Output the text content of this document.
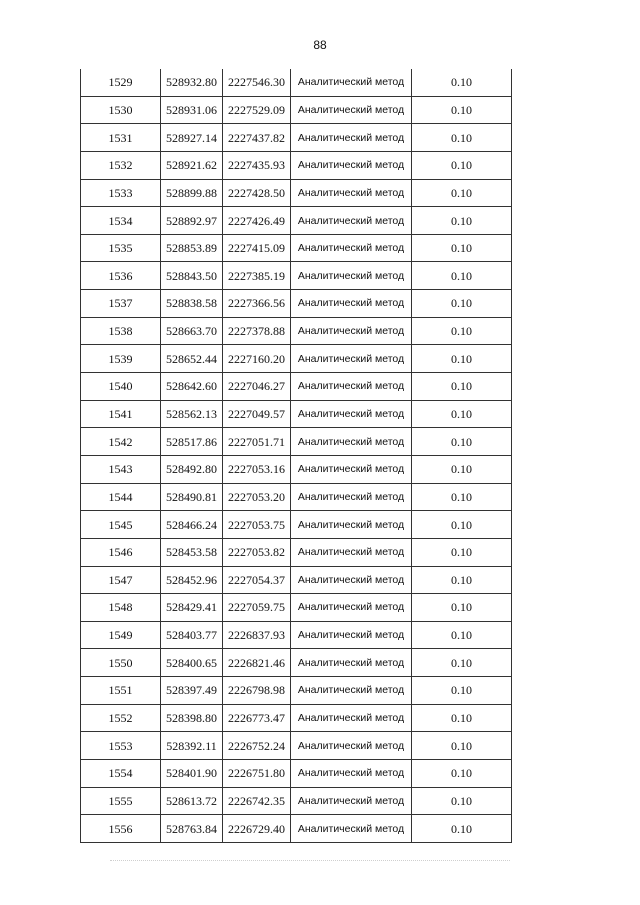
88
1529	528932.80	2227546.30	Аналитический метод	0.10
1530	528931.06	2227529.09	Аналитический метод	0.10
1531	528927.14	2227437.82	Аналитический метод	0.10
1532	528921.62	2227435.93	Аналитический метод	0.10
1533	528899.88	2227428.50	Аналитический метод	0.10
1534	528892.97	2227426.49	Аналитический метод	0.10
1535	528853.89	2227415.09	Аналитический метод	0.10
1536	528843.50	2227385.19	Аналитический метод	0.10
1537	528838.58	2227366.56	Аналитический метод	0.10
1538	528663.70	2227378.88	Аналитический метод	0.10
1539	528652.44	2227160.20	Аналитический метод	0.10
1540	528642.60	2227046.27	Аналитический метод	0.10
1541	528562.13	2227049.57	Аналитический метод	0.10
1542	528517.86	2227051.71	Аналитический метод	0.10
1543	528492.80	2227053.16	Аналитический метод	0.10
1544	528490.81	2227053.20	Аналитический метод	0.10
1545	528466.24	2227053.75	Аналитический метод	0.10
1546	528453.58	2227053.82	Аналитический метод	0.10
1547	528452.96	2227054.37	Аналитический метод	0.10
1548	528429.41	2227059.75	Аналитический метод	0.10
1549	528403.77	2226837.93	Аналитический метод	0.10
1550	528400.65	2226821.46	Аналитический метод	0.10
1551	528397.49	2226798.98	Аналитический метод	0.10
1552	528398.80	2226773.47	Аналитический метод	0.10
1553	528392.11	2226752.24	Аналитический метод	0.10
1554	528401.90	2226751.80	Аналитический метод	0.10
1555	528613.72	2226742.35	Аналитический метод	0.10
1556	528763.84	2226729.40	Аналитический метод	0.10
